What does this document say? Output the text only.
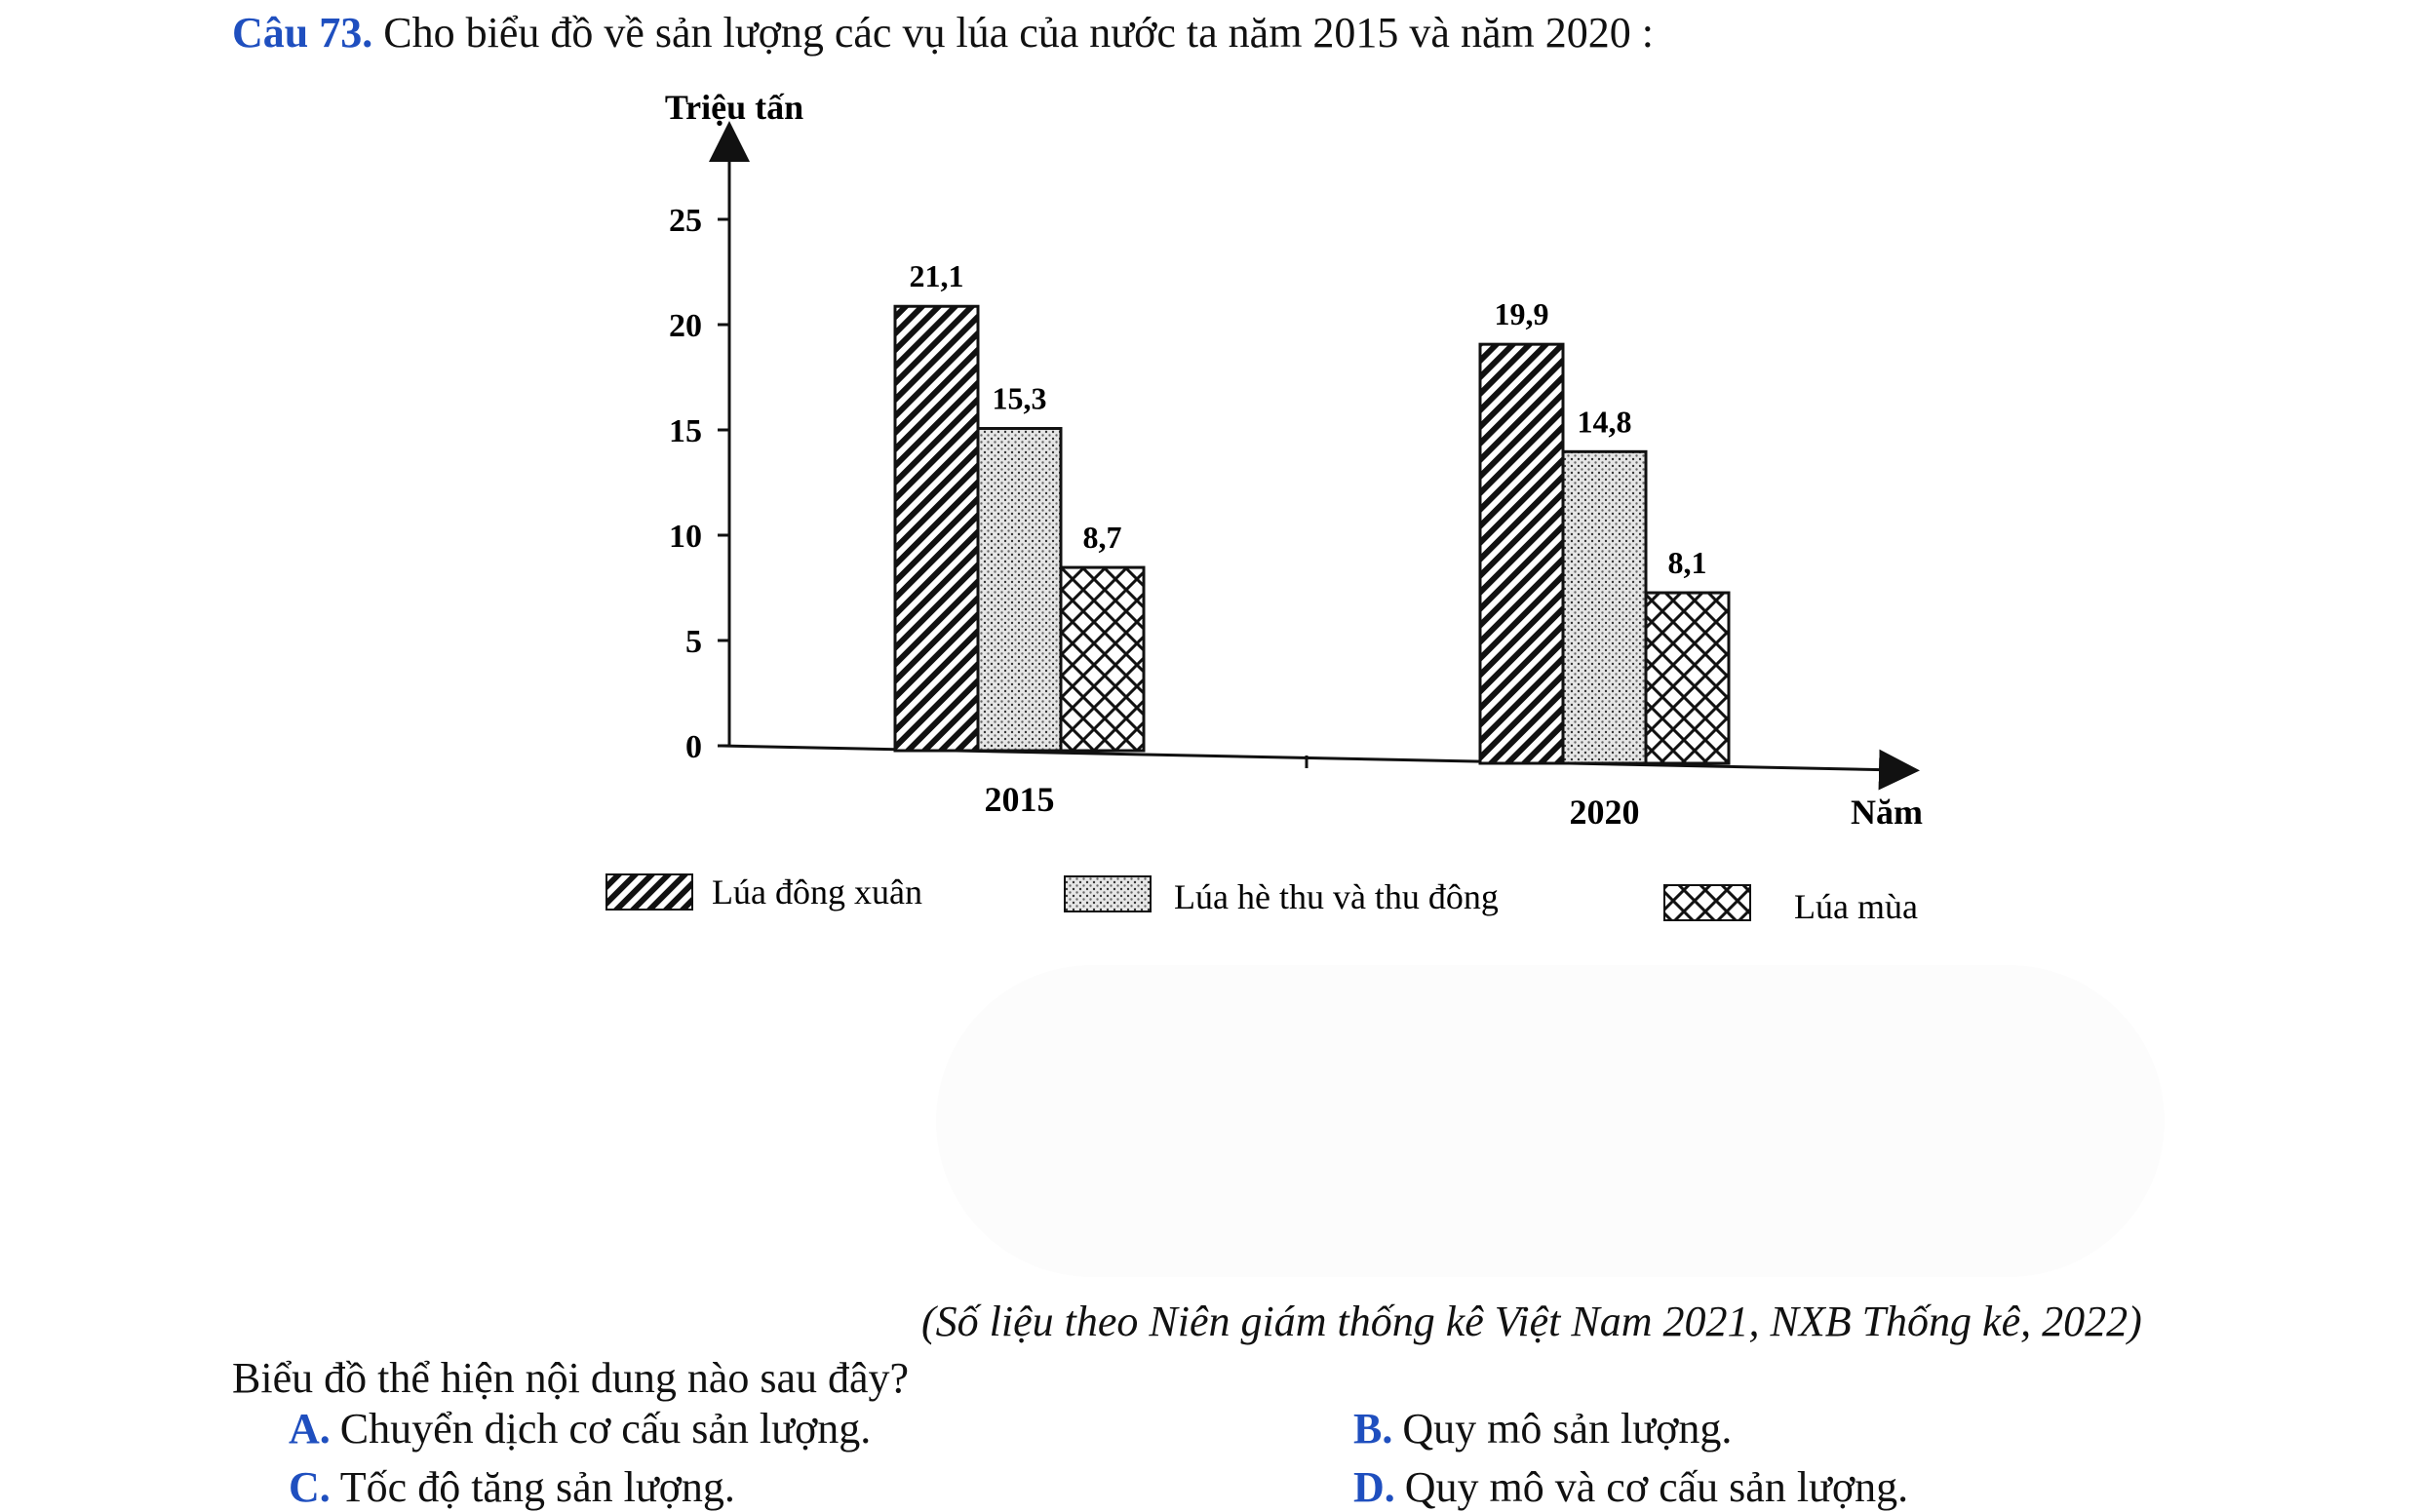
Câu 73. Cho biểu đồ về sản lượng các vụ lúa của nước ta năm 2015 và năm 2020 :
Triệu tấn
0
5
10
15
20
25
Năm
21,1
15,3
8,7
2015
19,9
14,8
8,1
2020
Lúa đông xuân	Lúa hè thu và thu đông	Lúa mùa
(Số liệu theo Niên giám thống kê Việt Nam 2021, NXB Thống kê, 2022)
Biểu đồ thể hiện nội dung nào sau đây?
A. Chuyển dịch cơ cấu sản lượng.	B. Quy mô sản lượng.
C. Tốc độ tăng sản lượng.	D. Quy mô và cơ cấu sản lượng.
